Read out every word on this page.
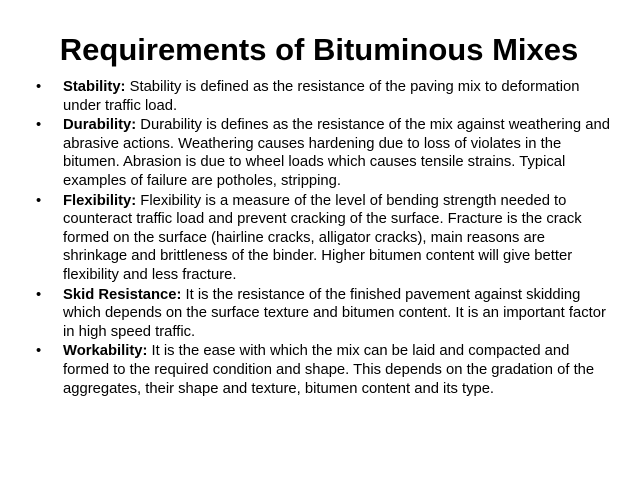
Requirements of Bituminous Mixes
• Stability: Stability is defined as the resistance of the paving mix to deformation under traffic load.
• Durability: Durability is defines as the resistance of the mix against weathering and abrasive actions. Weathering causes hardening due to loss of violates in the bitumen. Abrasion is due to wheel loads which causes tensile strains. Typical examples of failure are potholes, stripping.
• Flexibility: Flexibility is a measure of the level of bending strength needed to counteract traffic load and prevent cracking of the surface. Fracture is the crack formed on the surface (hairline cracks, alligator cracks), main reasons are shrinkage and brittleness of the binder. Higher bitumen content will give better flexibility and less fracture.
• Skid Resistance: It is the resistance of the finished pavement against skidding which depends on the surface texture and bitumen content. It is an important factor in high speed traffic.
• Workability: It is the ease with which the mix can be laid and compacted and formed to the required condition and shape. This depends on the gradation of the aggregates, their shape and texture, bitumen content and its type.
